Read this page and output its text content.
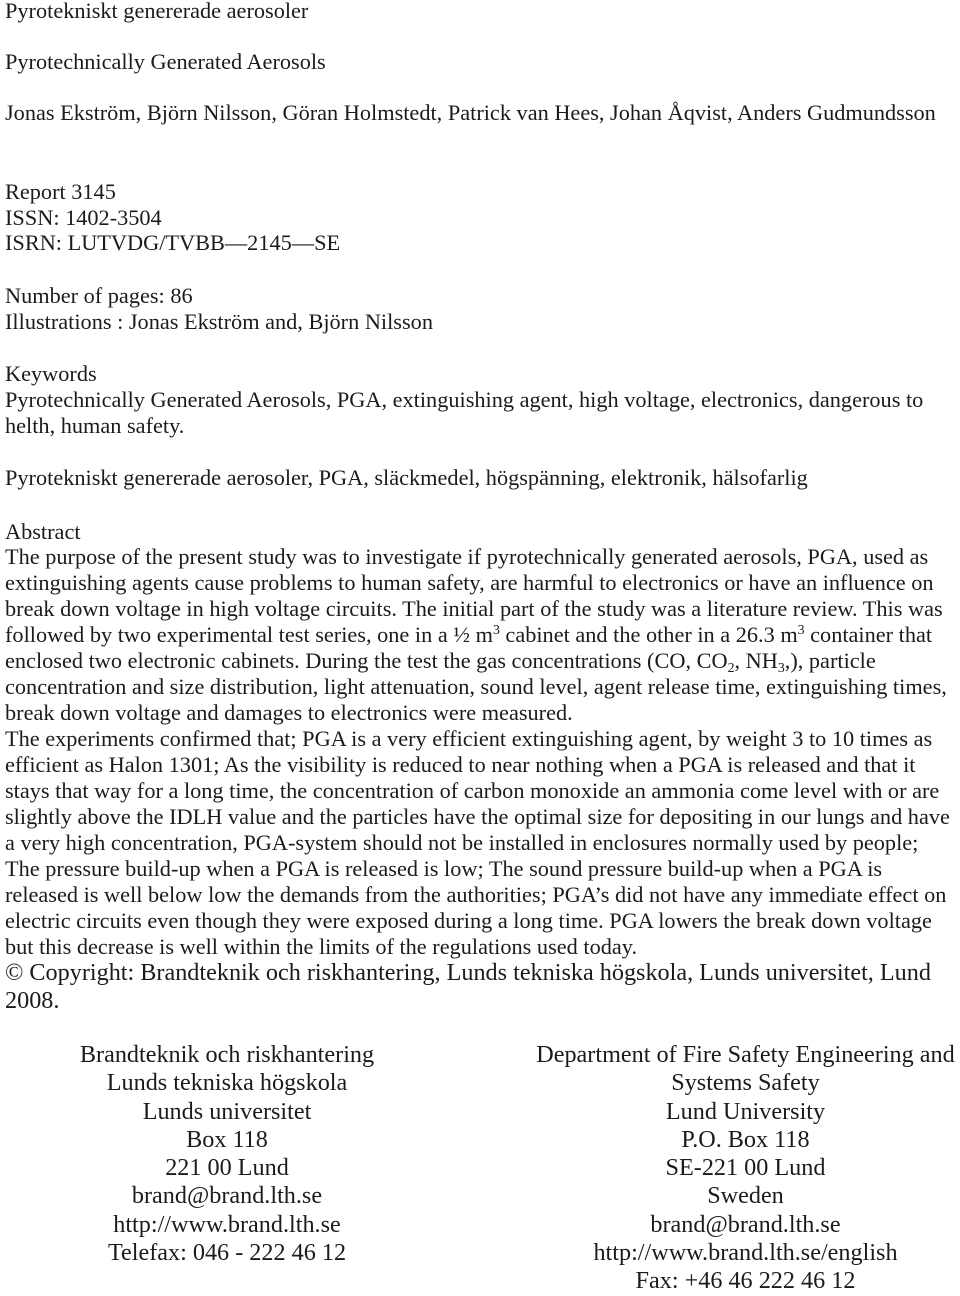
Pyrotekniskt genererade aerosoler
Pyrotechnically Generated Aerosols
Jonas Ekström, Björn Nilsson, Göran Holmstedt, Patrick van Hees, Johan Åqvist, Anders Gudmundsson
Report 3145
ISSN: 1402-3504
ISRN: LUTVDG/TVBB—2145—SE
Number of pages: 86
Illustrations : Jonas Ekström and, Björn Nilsson
Keywords
Pyrotechnically Generated Aerosols, PGA, extinguishing agent, high voltage, electronics, dangerous to
helth, human safety.
Pyrotekniskt genererade aerosoler, PGA, släckmedel, högspänning, elektronik, hälsofarlig
Abstract
The purpose of the present study was to investigate if pyrotechnically generated aerosols, PGA, used as
extinguishing agents cause problems to human safety, are harmful to electronics or have an influence on
break down voltage in high voltage circuits. The initial part of the study was a literature review. This was
followed by two experimental test series, one in a ½ $m^3$ cabinet and the other in a 26.3 $m^3$ container that
enclosed two electronic cabinets. During the test the gas concentrations (CO, CO2, NH3,), particle
concentration and size distribution, light attenuation, sound level, agent release time, extinguishing times,
break down voltage and damages to electronics were measured.
The experiments confirmed that; PGA is a very efficient extinguishing agent, by weight 3 to 10 times as
efficient as Halon 1301; As the visibility is reduced to near nothing when a PGA is released and that it
stays that way for a long time, the concentration of carbon monoxide an ammonia come level with or are
slightly above the IDLH value and the particles have the optimal size for depositing in our lungs and have
a very high concentration, PGA-system should not be installed in enclosures normally used by people;
The pressure build-up when a PGA is released is low; The sound pressure build-up when a PGA is
released is well below low the demands from the authorities; PGA’s did not have any immediate effect on
electric circuits even though they were exposed during a long time. PGA lowers the break down voltage
but this decrease is well within the limits of the regulations used today.
© Copyright: Brandteknik och riskhantering, Lunds tekniska högskola, Lunds universitet, Lund
2008.
Brandteknik och riskhantering
Lunds tekniska högskola
Lunds universitet
Box 118
221 00 Lund
brand@brand.lth.se
http://www.brand.lth.se
Telefax: 046 - 222 46 12
Department of Fire Safety Engineering and
Systems Safety
Lund University
P.O. Box 118
SE-221 00 Lund
Sweden
brand@brand.lth.se
http://www.brand.lth.se/english
Fax: +46 46 222 46 12
